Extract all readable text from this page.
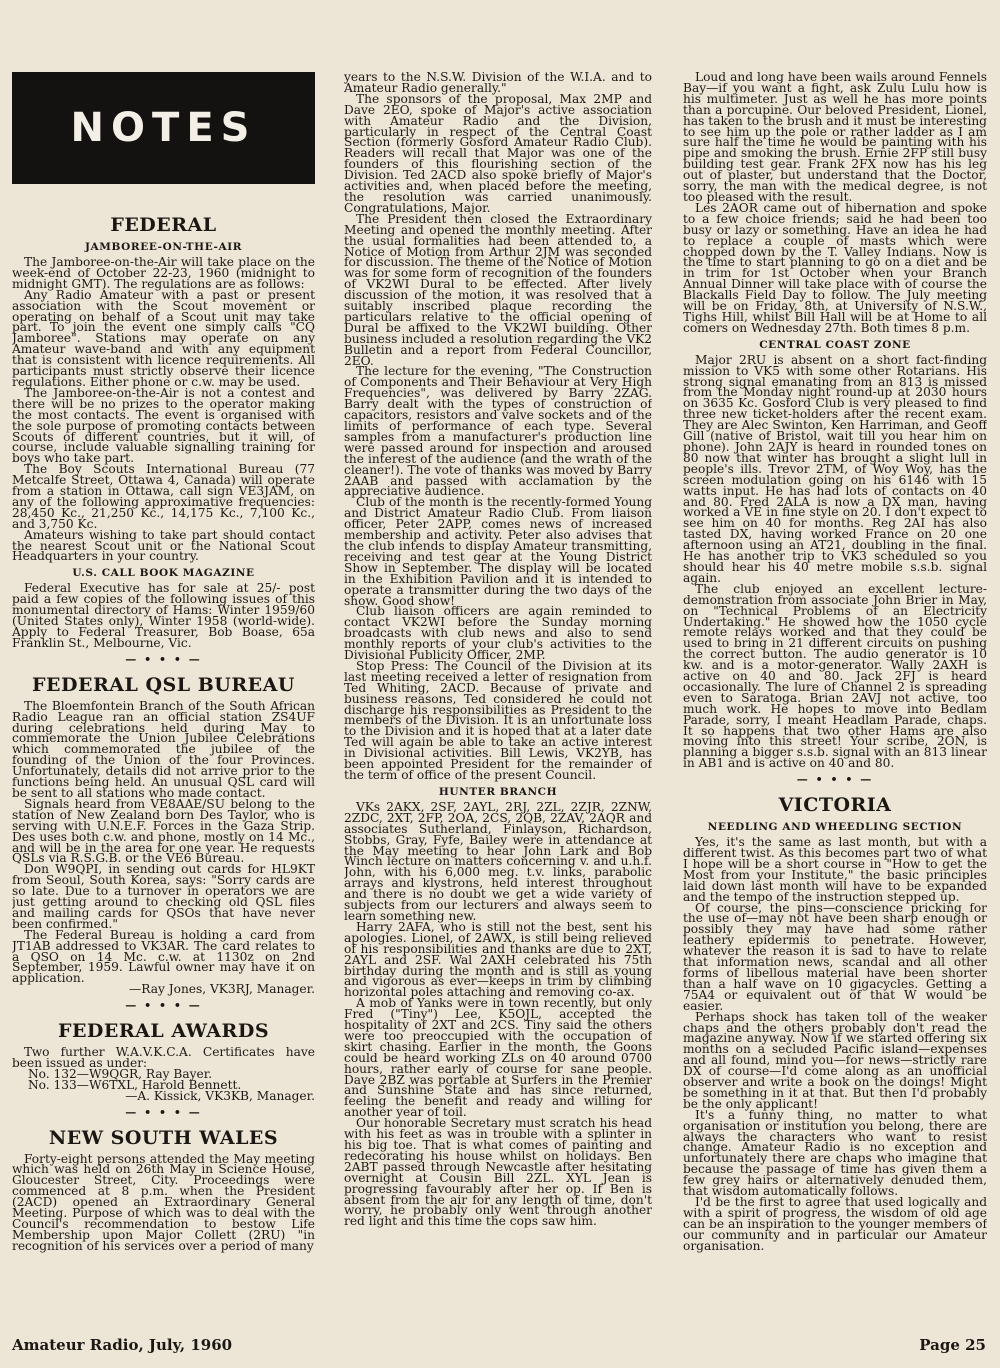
NOTES
FEDERAL
JAMBOREE-ON-THE-AIR

The Jamboree-on-the-Air will take place on the week-end of October 22-23, 1960 (midnight to midnight GMT). The regulations are as follows:

Any Radio Amateur with a past or present association with the Scout movement or operating on behalf of a Scout unit may take part. To join the event one simply calls "CQ Jamboree". Stations may operate on any Amateur wave-band and with any equipment that is consistent with licence requirements. All participants must strictly observe their licence regulations. Either phone or c.w. may be used.

The Jamboree-on-the-Air is not a contest and there will be no prizes to the operator making the most contacts. The event is organised with the sole purpose of promoting contacts between Scouts of different countries, but it will, of course, include valuable signalling training for boys who take part.

The Boy Scouts International Bureau (77 Metcalfe Street, Ottawa 4, Canada) will operate from a station in Ottawa, call sign VE3JAM, on any of the following approximative frequencies: 28,450 Kc., 21,250 Kc., 14,175 Kc., 7,100 Kc., and 3,750 Kc.

Amateurs wishing to take part should contact the nearest Scout unit or the National Scout Headquarters in your country.

U.S. CALL BOOK MAGAZINE

Federal Executive has for sale at 25/- post paid a few copies of the following issues of this monumental directory of Hams: Winter 1959/60 (United States only), Winter 1958 (world-wide). Apply to Federal Treasurer, Bob Boase, 65a Franklin St., Melbourne, Vic.

— • • • —
FEDERAL QSL BUREAU

The Bloemfontein Branch of the South African Radio League ran an official station ZS4UF during celebrations held during May to commemorate the Union Jubilee Celebrations which commemorated the jubilee of the founding of the Union of the four Provinces. Unfortunately, details did not arrive prior to the functions being held. An unusual QSL card will be sent to all stations who made contact.

Signals heard from VE8AAE/SU belong to the station of New Zealand born Des Taylor, who is serving with U.N.E.F. Forces in the Gaza Strip. Des uses both c.w. and phone, mostly on 14 Mc., and will be in the area for one year. He requests QSLs via R.S.G.B. or the VE6 Bureau.

Don W9QPI, in sending out cards for HL9KT from Seoul, South Korea, says: "Sorry cards are so late. Due to a turnover in operators we are just getting around to checking old QSL files and mailing cards for QSOs that have never been confirmed."

The Federal Bureau is holding a card from JT1AB addressed to VK3AR. The card relates to a QSO on 14 Mc. c.w. at 1130z on 2nd September, 1959. Lawful owner may have it on application.

—Ray Jones, VK3RJ, Manager.

— • • • —
FEDERAL AWARDS

Two further W.A.V.K.C.A. Certificates have been issued as under:

No. 132—W9QGR, Ray Bayer.

No. 133—W6TXL, Harold Bennett.

—A. Kissick, VK3KB, Manager.

— • • • —
NEW SOUTH WALES

Forty-eight persons attended the May meeting which was held on 26th May in Science House, Gloucester Street, City. Proceedings were commenced at 8 p.m. when the President (2ACD) opened an Extraordinary General Meeting. Purpose of which was to deal with the Council's recommendation to bestow Life Membership upon Major Collett (2RU) "in recognition of his services over a period of many

years to the N.S.W. Division of the W.I.A. and to Amateur Radio generally."

The sponsors of the proposal, Max 2MP and Dave 2EO, spoke of Major's active association with Amateur Radio and the Division, particularly in respect of the Central Coast Section (formerly Gosford Amateur Radio Club). Readers will recall that Major was one of the founders of this flourishing section of the Division. Ted 2ACD also spoke briefly of Major's activities and, when placed before the meeting, the resolution was carried unanimously. Congratulations, Major.

The President then closed the Extraordinary Meeting and opened the monthly meeting. After the usual formalities had been attended to, a Notice of Motion from Arthur 2JM was seconded for discussion. The theme of the Notice of Motion was for some form of recognition of the founders of VK2WI Dural to be effected. After lively discussion of the motion, it was resolved that a suitably inscribed plaque recording the particulars relative to the official opening of Dural be affixed to the VK2WI building. Other business included a resolution regarding the VK2 Bulletin and a report from Federal Councillor, 2EO.

The lecture for the evening, "The Construction of Components and Their Behaviour at Very High Frequencies", was delivered by Barry 2ZAG. Barry dealt with the types of construction of capacitors, resistors and valve sockets and of the limits of performance of each type. Several samples from a manufacturer's production line were passed around for inspection and aroused the interest of the audience (and the wrath of the cleaner!). The vote of thanks was moved by Barry 2AAB and passed with acclamation by the appreciative audience.

Club of the month is the recently-formed Young and District Amateur Radio Club. From liaison officer, Peter 2APP, comes news of increased membership and activity. Peter also advises that the club intends to display Amateur transmitting, receiving and test gear at the Young District Show in September. The display will be located in the Exhibition Pavilion and it is intended to operate a transmitter during the two days of the show. Good show!

Club liaison officers are again reminded to contact VK2WI before the Sunday morning broadcasts with club news and also to send monthly reports of your club's activities to the Divisional Publicity Officer, 2MP.

Stop Press: The Council of the Division at its last meeting received a letter of resignation from Ted Whiting, 2ACD. Because of private and business reasons, Ted considered he could not discharge his responsibilities as President to the members of the Division. It is an unfortunate loss to the Division and it is hoped that at a later date Ted will again be able to take an active interest in Divisional activities. Bill Lewis, VK2YB, has been appointed President for the remainder of the term of office of the present Council.

HUNTER BRANCH

VKs 2AKX, 2SF, 2AYL, 2RJ, 2ZL, 2ZJR, 2ZNW, 2ZDC, 2XT, 2FP, 2OA, 2CS, 2QB, 2ZAV, 2AQR and associates Sutherland, Finlayson, Richardson, Stobbs, Gray, Fyfe, Bailey were in attendance at the May meeting to hear John Lark and Bob Winch lecture on matters concerning v. and u.h.f. John, with his 6,000 meg. t.v. links, parabolic arrays and klystrons, held interest throughout and there is no doubt we get a wide variety of subjects from our lecturers and always seem to learn something new.

Harry 2AFA, who is still not the best, sent his apologies. Lionel, of 2AWX, is still being relieved of his responsibilities and thanks are due to 2XT, 2AYL and 2SF. Wal 2AXH celebrated his 75th birthday during the month and is still as young and vigorous as ever—keeps in trim by climbing horizontal poles attaching and removing co-ax.

A mob of Yanks were in town recently, but only Fred ("Tiny") Lee, K5OJL, accepted the hospitality of 2XT and 2CS. Tiny said the others were too preoccupied with the occupation of skirt chasing. Earlier in the month, the Goons could be heard working ZLs on 40 around 0700 hours, rather early of course for sane people. Dave 2BZ was portable at Surfers in the Premier and Sunshine State and has since returned, feeling the benefit and ready and willing for another year of toil.

Our honorable Secretary must scratch his head with his feet as was in trouble with a splinter in his big toe. That is what comes of painting and redecorating his house whilst on holidays. Ben 2ABT passed through Newcastle after hesitating overnight at Cousin Bill 2ZL. XYL Jean is progressing favourably after her op. If Ben is absent from the air for any length of time, don't worry, he probably only went through another red light and this time the cops saw him.

Loud and long have been wails around Fennels Bay—if you want a fight, ask Zulu Lulu how is his multimeter. Just as well he has more points than a porcupine. Our beloved President, Lionel, has taken to the brush and it must be interesting to see him up the pole or rather ladder as I am sure half the time he would be painting with his pipe and smoking the brush. Ernie 2FP still busy building test gear. Frank 2FX now has his leg out of plaster, but understand that the Doctor, sorry, the man with the medical degree, is not too pleased with the result.

Les 2AOR came out of hibernation and spoke to a few choice friends; said he had been too busy or lazy or something. Have an idea he had to replace a couple of masts which were chopped down by the T. Valley Indians. Now is the time to start planning to go on a diet and be in trim for 1st October when your Branch Annual Dinner will take place with of course the Blackalls Field Day to follow. The July meeting will be on Friday, 8th, at University of N.S.W., Tighs Hill, whilst Bill Hall will be at Home to all comers on Wednesday 27th. Both times 8 p.m.

CENTRAL COAST ZONE

Major 2RU is absent on a short fact-finding mission to VK5 with some other Rotarians. His strong signal emanating from an 813 is missed from the Monday night round-up at 2030 hours on 3635 Kc. Gosford Club is very pleased to find three new ticket-holders after the recent exam. They are Alec Swinton, Ken Harriman, and Geoff Gill (native of Bristol, wait till you hear him on phone). John 2AJY is heard in rounded tones on 80 now that winter has brought a slight lull in people's ills. Trevor 2TM, of Woy Woy, has the screen modulation going on his 6146 with 15 watts input. He has had lots of contacts on 40 and 80. Fred 2ALA is now a DX man, having worked a VE in fine style on 20. I don't expect to see him on 40 for months. Reg 2AI has also tasted DX, having worked France on 20 one afternoon using an AT21, doubling in the final. He has another trip to VK3 scheduled so you should hear his 40 metre mobile s.s.b. signal again.

The club enjoyed an excellent lecture-demonstration from associate John Brier in May, on "Technical Problems of an Electricity Undertaking." He showed how the 1050 cycle remote relays worked and that they could be used to bring in 21 different circuits on pushing the correct button. The audio generator is 10 kw. and is a motor-generator. Wally 2AXH is active on 40 and 80. Jack 2FJ is heard occasionally. The lure of Channel 2 is spreading even to Saratoga. Brian 2AVJ not active, too much work. He hopes to move into Bedlam Parade, sorry, I meant Headlam Parade, chaps. It so happens that two other Hams are also moving into this street! Your scribe, 2ON, is planning a bigger s.s.b. signal with an 813 linear in AB1 and is active on 40 and 80.

— • • • —
VICTORIA
NEEDLING AND WHEEDLING SECTION

Yes, it's the same as last month, but with a different twist. As this becomes part two of what I hope will be a short course in "How to get the Most from your Institute," the basic principles laid down last month will have to be expanded and the tempo of the instruction stepped up.

Of course, the pins—conscience pricking for the use of—may not have been sharp enough or possibly they may have had some rather leathery epidermis to penetrate. However, whatever the reason it is sad to have to relate that information news, scandal and all other forms of libellous material have been shorter than a half wave on 10 gigacycles. Getting a 75A4 or equivalent out of that W would be easier.

Perhaps shock has taken toll of the weaker chaps and the others probably don't read the magazine anyway. Now if we started offering six months on a secluded Pacific island—expenses and all found, mind you—for news—strictly rare DX of course—I'd come along as an unofficial observer and write a book on the doings! Might be something in it at that. But then I'd probably be the only applicant!

It's a funny thing, no matter to what organisation or institution you belong, there are always the characters who want to resist change. Amateur Radio is no exception and unfortunately there are chaps who imagine that because the passage of time has given them a few grey hairs or alternatively denuded them, that wisdom automatically follows.

I'd be the first to agree that used logically and with a spirit of progress, the wisdom of old age can be an inspiration to the younger members of our community and in particular our Amateur organisation.

Amateur Radio, July, 1960	Page 25
